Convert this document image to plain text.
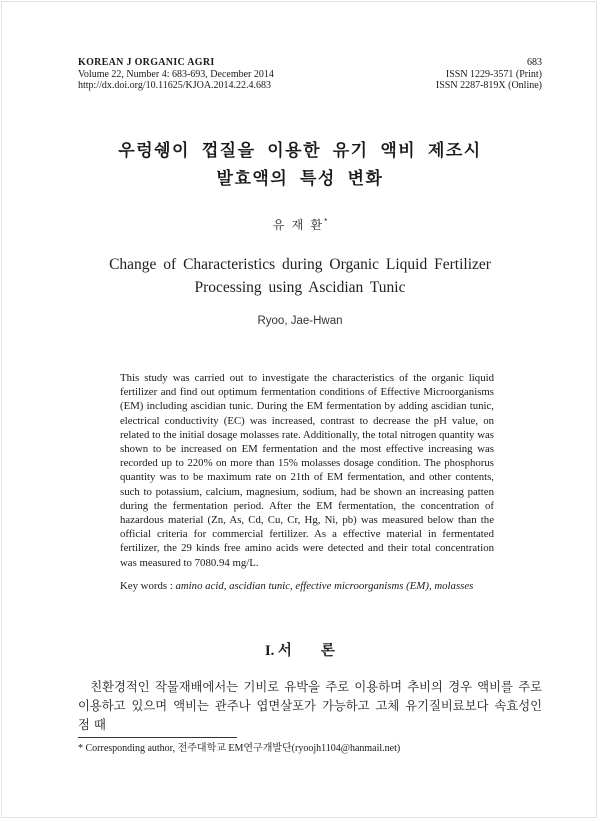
KOREAN J ORGANIC AGRI
Volume 22, Number 4: 683-693, December 2014
http://dx.doi.org/10.11625/KJOA.2014.22.4.683
683
ISSN 1229-3571 (Print)
ISSN 2287-819X (Online)
우렁쉥이 껍질을 이용한 유기 액비 제조시
발효액의 특성 변화
유 재 환*
Change of Characteristics during Organic Liquid Fertilizer
Processing using Ascidian Tunic
Ryoo, Jae-Hwan

This study was carried out to investigate the characteristics of the organic liquid fertilizer and find out optimum fermentation conditions of Effective Microorganisms (EM) including ascidian tunic. During the EM fermentation by adding ascidian tunic, electrical conductivity (EC) was increased, contrast to decrease the pH value, on related to the initial dosage molasses rate. Additionally, the total nitrogen quantity was shown to be increased on EM fermentation and the most effective increasing was recorded up to 220% on more than 15% molasses dosage condition. The phosphorus quantity was to be maximum rate on 21th of EM fermentation, and other contents, such to potassium, calcium, magnesium, sodium, had be shown an increasing patten during the fermentation period. After the EM fermentation, the concentration of hazardous material (Zn, As, Cd, Cu, Cr, Hg, Ni, pb) was measured below than the official criteria for commercial fertilizer. As a effective material in fermentated fertilizer, the 29 kinds free amino acids were detected and their total concentration was measured to 7080.94 mg/L.

Key words : amino acid, ascidian tunic, effective microorganisms (EM), molasses

I. 서　　론

친환경적인 작물재배에서는 기비로 유박을 주로 이용하며 추비의 경우 액비를 주로 이용하고 있으며 액비는 관주나 엽면살포가 가능하고 고체 유기질비료보다 속효성인 점 때

* Corresponding author, 전주대학교 EM연구개발단(ryoojh1104@hanmail.net)
